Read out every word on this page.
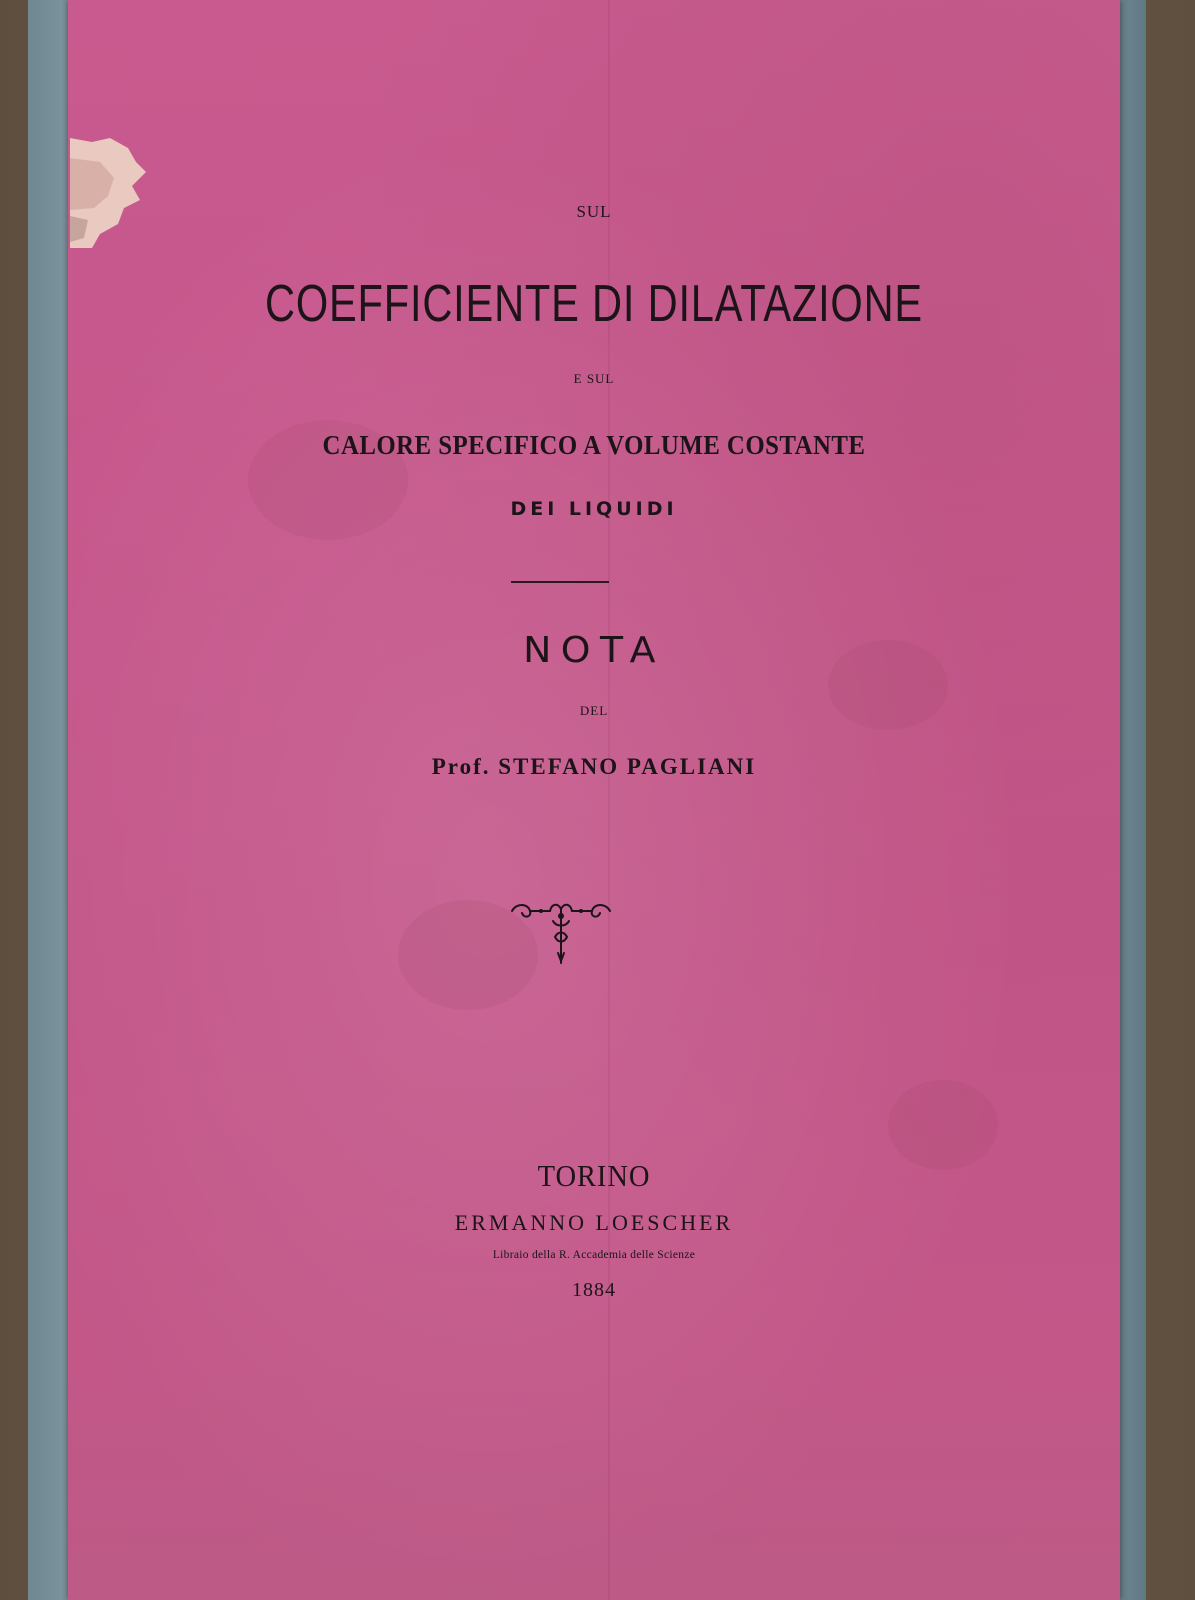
SUL

COEFFICIENTE DI DILATAZIONE

E SUL

CALORE SPECIFICO A VOLUME COSTANTE

DEI LIQUIDI

NOTA

DEL

Prof. STEFANO PAGLIANI

TORINO

ERMANNO LOESCHER

Libraio della R. Accademia delle Scienze

1884
